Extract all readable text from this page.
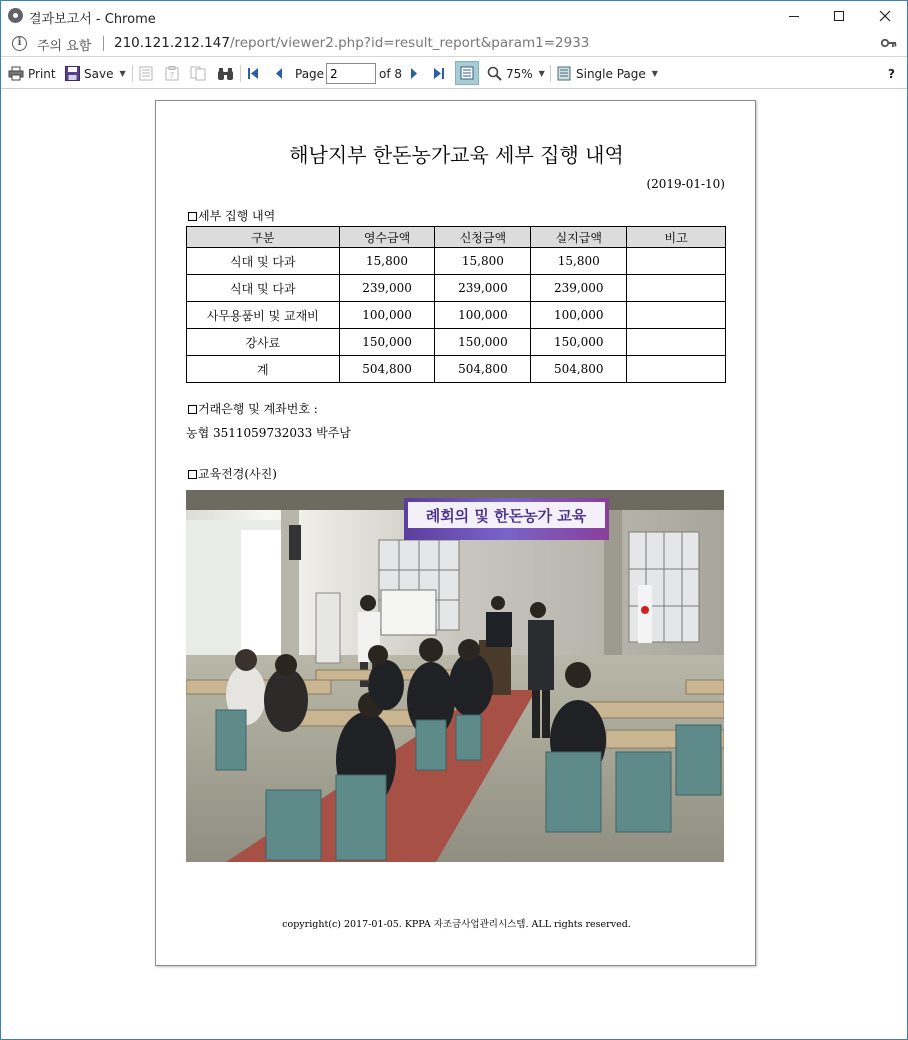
결과보고서 - Chrome
i	주의 요함 210.121.212.147/report/viewer2.php?id=result_report&param1=2933
Print Save ▼	?	Page
2	of 8	75% ▼	Single Page ▼	?
해남지부 한돈농가교육 세부 집행 내역
(2019-01-10)
세부 집행 내역
구분	영수금액	신청금액	실지급액	비고
식대 및 다과	15,800	15,800	15,800	
식대 및 다과	239,000	239,000	239,000	
사무용품비 및 교재비	100,000	100,000	100,000	
강사료	150,000	150,000	150,000	
계	504,800	504,800	504,800	
거래은행 및 계좌번호 :
농협 3511059732033 박주남
교육전경(사진)
례회의 및 한돈농가 교육
copyright(c) 2017-01-05. KPPA 자조금사업관리시스템. ALL rights reserved.
